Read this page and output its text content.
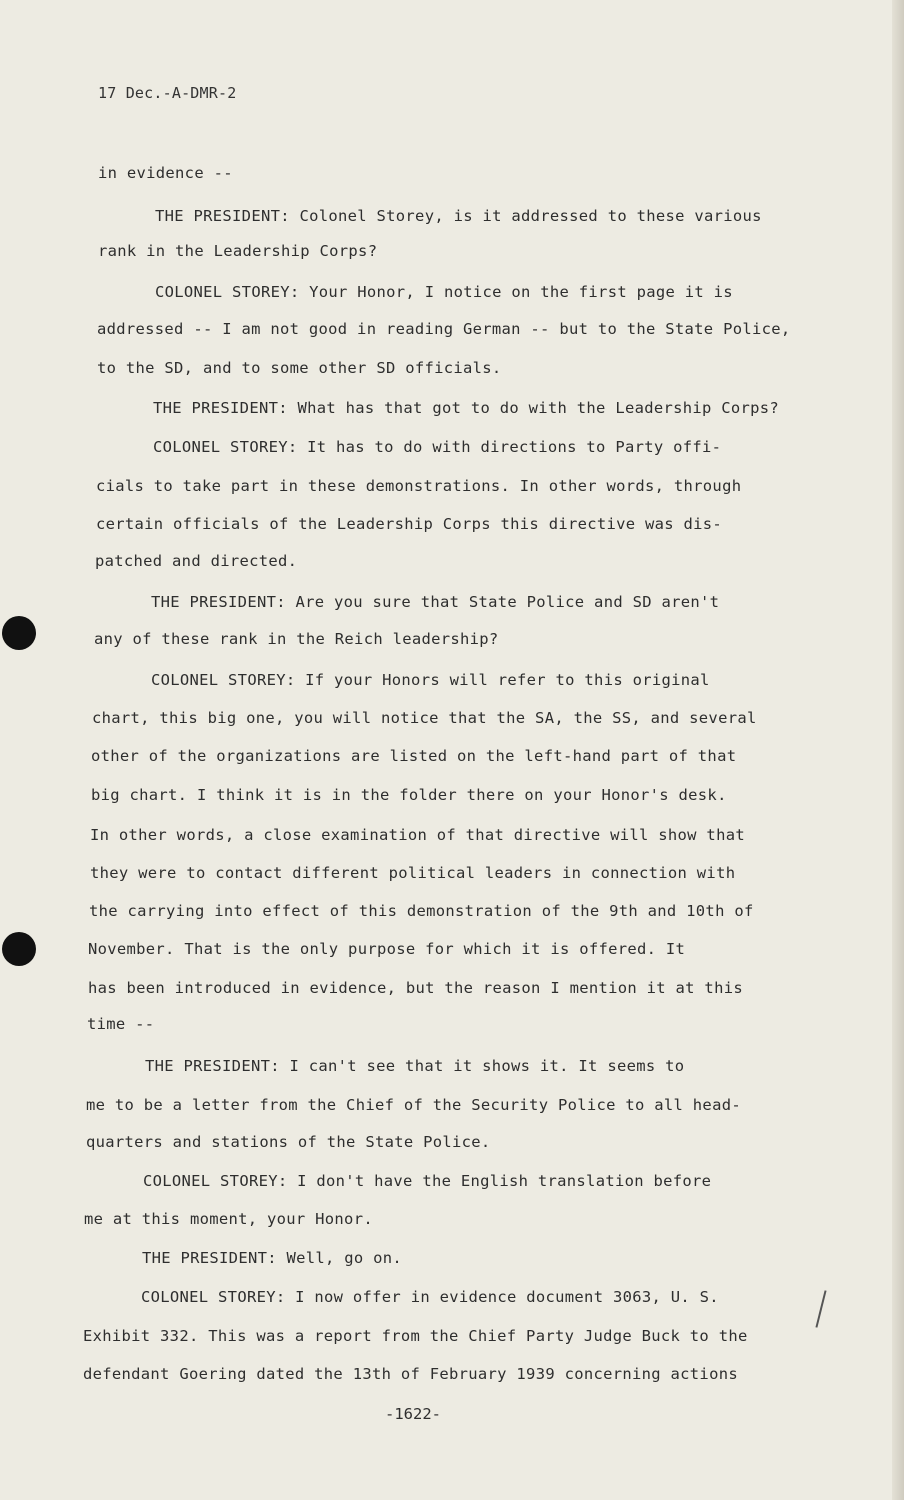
17 Dec.-A-DMR-2
in evidence --
THE PRESIDENT: Colonel Storey, is it addressed to these various
rank in the Leadership Corps?
COLONEL STOREY: Your Honor, I notice on the first page it is
addressed -- I am not good in reading German -- but to the State Police,
to the SD, and to some other SD officials.
THE PRESIDENT: What has that got to do with the Leadership Corps?
COLONEL STOREY: It has to do with directions to Party offi-
cials to take part in these demonstrations. In other words, through
certain officials of the Leadership Corps this directive was dis-
patched and directed.
THE PRESIDENT: Are you sure that State Police and SD aren't
any of these rank in the Reich leadership?
COLONEL STOREY: If your Honors will refer to this original
chart, this big one, you will notice that the SA, the SS, and several
other of the organizations are listed on the left-hand part of that
big chart. I think it is in the folder there on your Honor's desk.
In other words, a close examination of that directive will show that
they were to contact different political leaders in connection with
the carrying into effect of this demonstration of the 9th and 10th of
November. That is the only purpose for which it is offered. It
has been introduced in evidence, but the reason I mention it at this
time --
THE PRESIDENT: I can't see that it shows it. It seems to
me to be a letter from the Chief of the Security Police to all head-
quarters and stations of the State Police.
COLONEL STOREY: I don't have the English translation before
me at this moment, your Honor.
THE PRESIDENT: Well, go on.
COLONEL STOREY: I now offer in evidence document 3063, U. S.
Exhibit 332. This was a report from the Chief Party Judge Buck to the
defendant Goering dated the 13th of February 1939 concerning actions
-1622-
